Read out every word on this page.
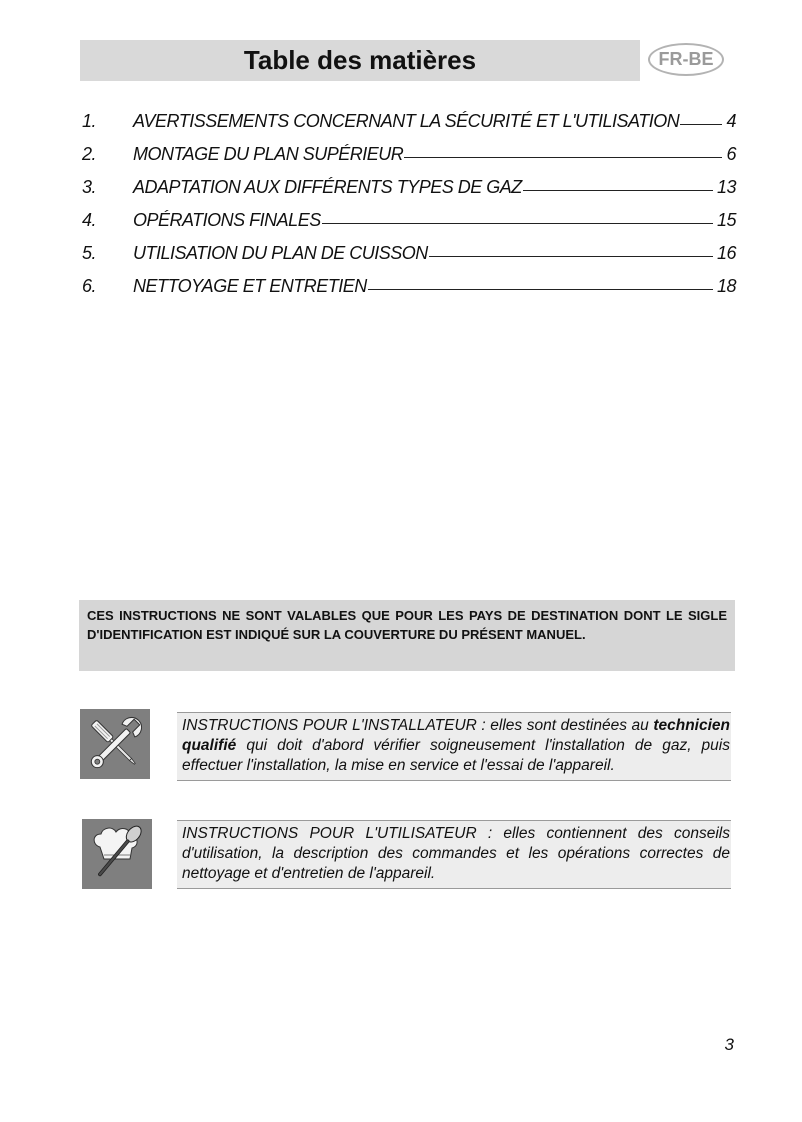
Table des matières	FR-BE
1.	AVERTISSEMENTS CONCERNANT LA SÉCURITÉ ET L'UTILISATION	4
2.	MONTAGE DU PLAN SUPÉRIEUR	6
3.	ADAPTATION AUX DIFFÉRENTS TYPES DE GAZ	13
4.	OPÉRATIONS FINALES	15
5.	UTILISATION DU PLAN DE CUISSON	16
6.	NETTOYAGE ET ENTRETIEN	18
CES INSTRUCTIONS NE SONT VALABLES QUE POUR LES PAYS DE DESTINATION DONT LE SIGLE D'IDENTIFICATION EST INDIQUÉ SUR LA COUVERTURE DU PRÉSENT MANUEL.
INSTRUCTIONS POUR L'INSTALLATEUR : elles sont destinées au technicien qualifié qui doit d'abord vérifier soigneusement l'installation de gaz, puis effectuer l'installation, la mise en service et l'essai de l'appareil.
INSTRUCTIONS POUR L'UTILISATEUR : elles contiennent des conseils d'utilisation, la description des commandes et les opérations correctes de nettoyage et d'entretien de l'appareil.
3
